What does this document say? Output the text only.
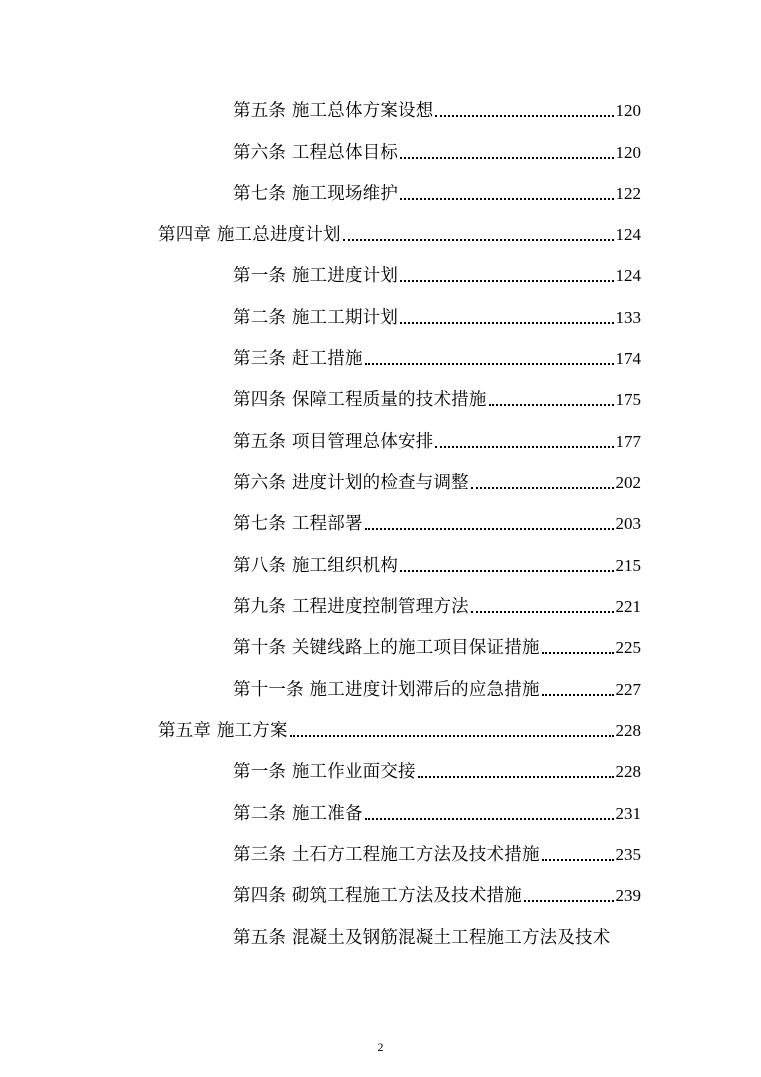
第五条 施工总体方案设想	120
第六条 工程总体目标	120
第七条 施工现场维护	122
第四章 施工总进度计划	124
第一条 施工进度计划	124
第二条 施工工期计划	133
第三条 赶工措施	174
第四条 保障工程质量的技术措施	175
第五条 项目管理总体安排	177
第六条 进度计划的检查与调整	202
第七条 工程部署	203
第八条 施工组织机构	215
第九条 工程进度控制管理方法	221
第十条 关键线路上的施工项目保证措施	225
第十一条 施工进度计划滞后的应急措施	227
第五章 施工方案	228
第一条 施工作业面交接	228
第二条 施工准备	231
第三条 土石方工程施工方法及技术措施	235
第四条 砌筑工程施工方法及技术措施	239
第五条 混凝土及钢筋混凝土工程施工方法及技术
2
